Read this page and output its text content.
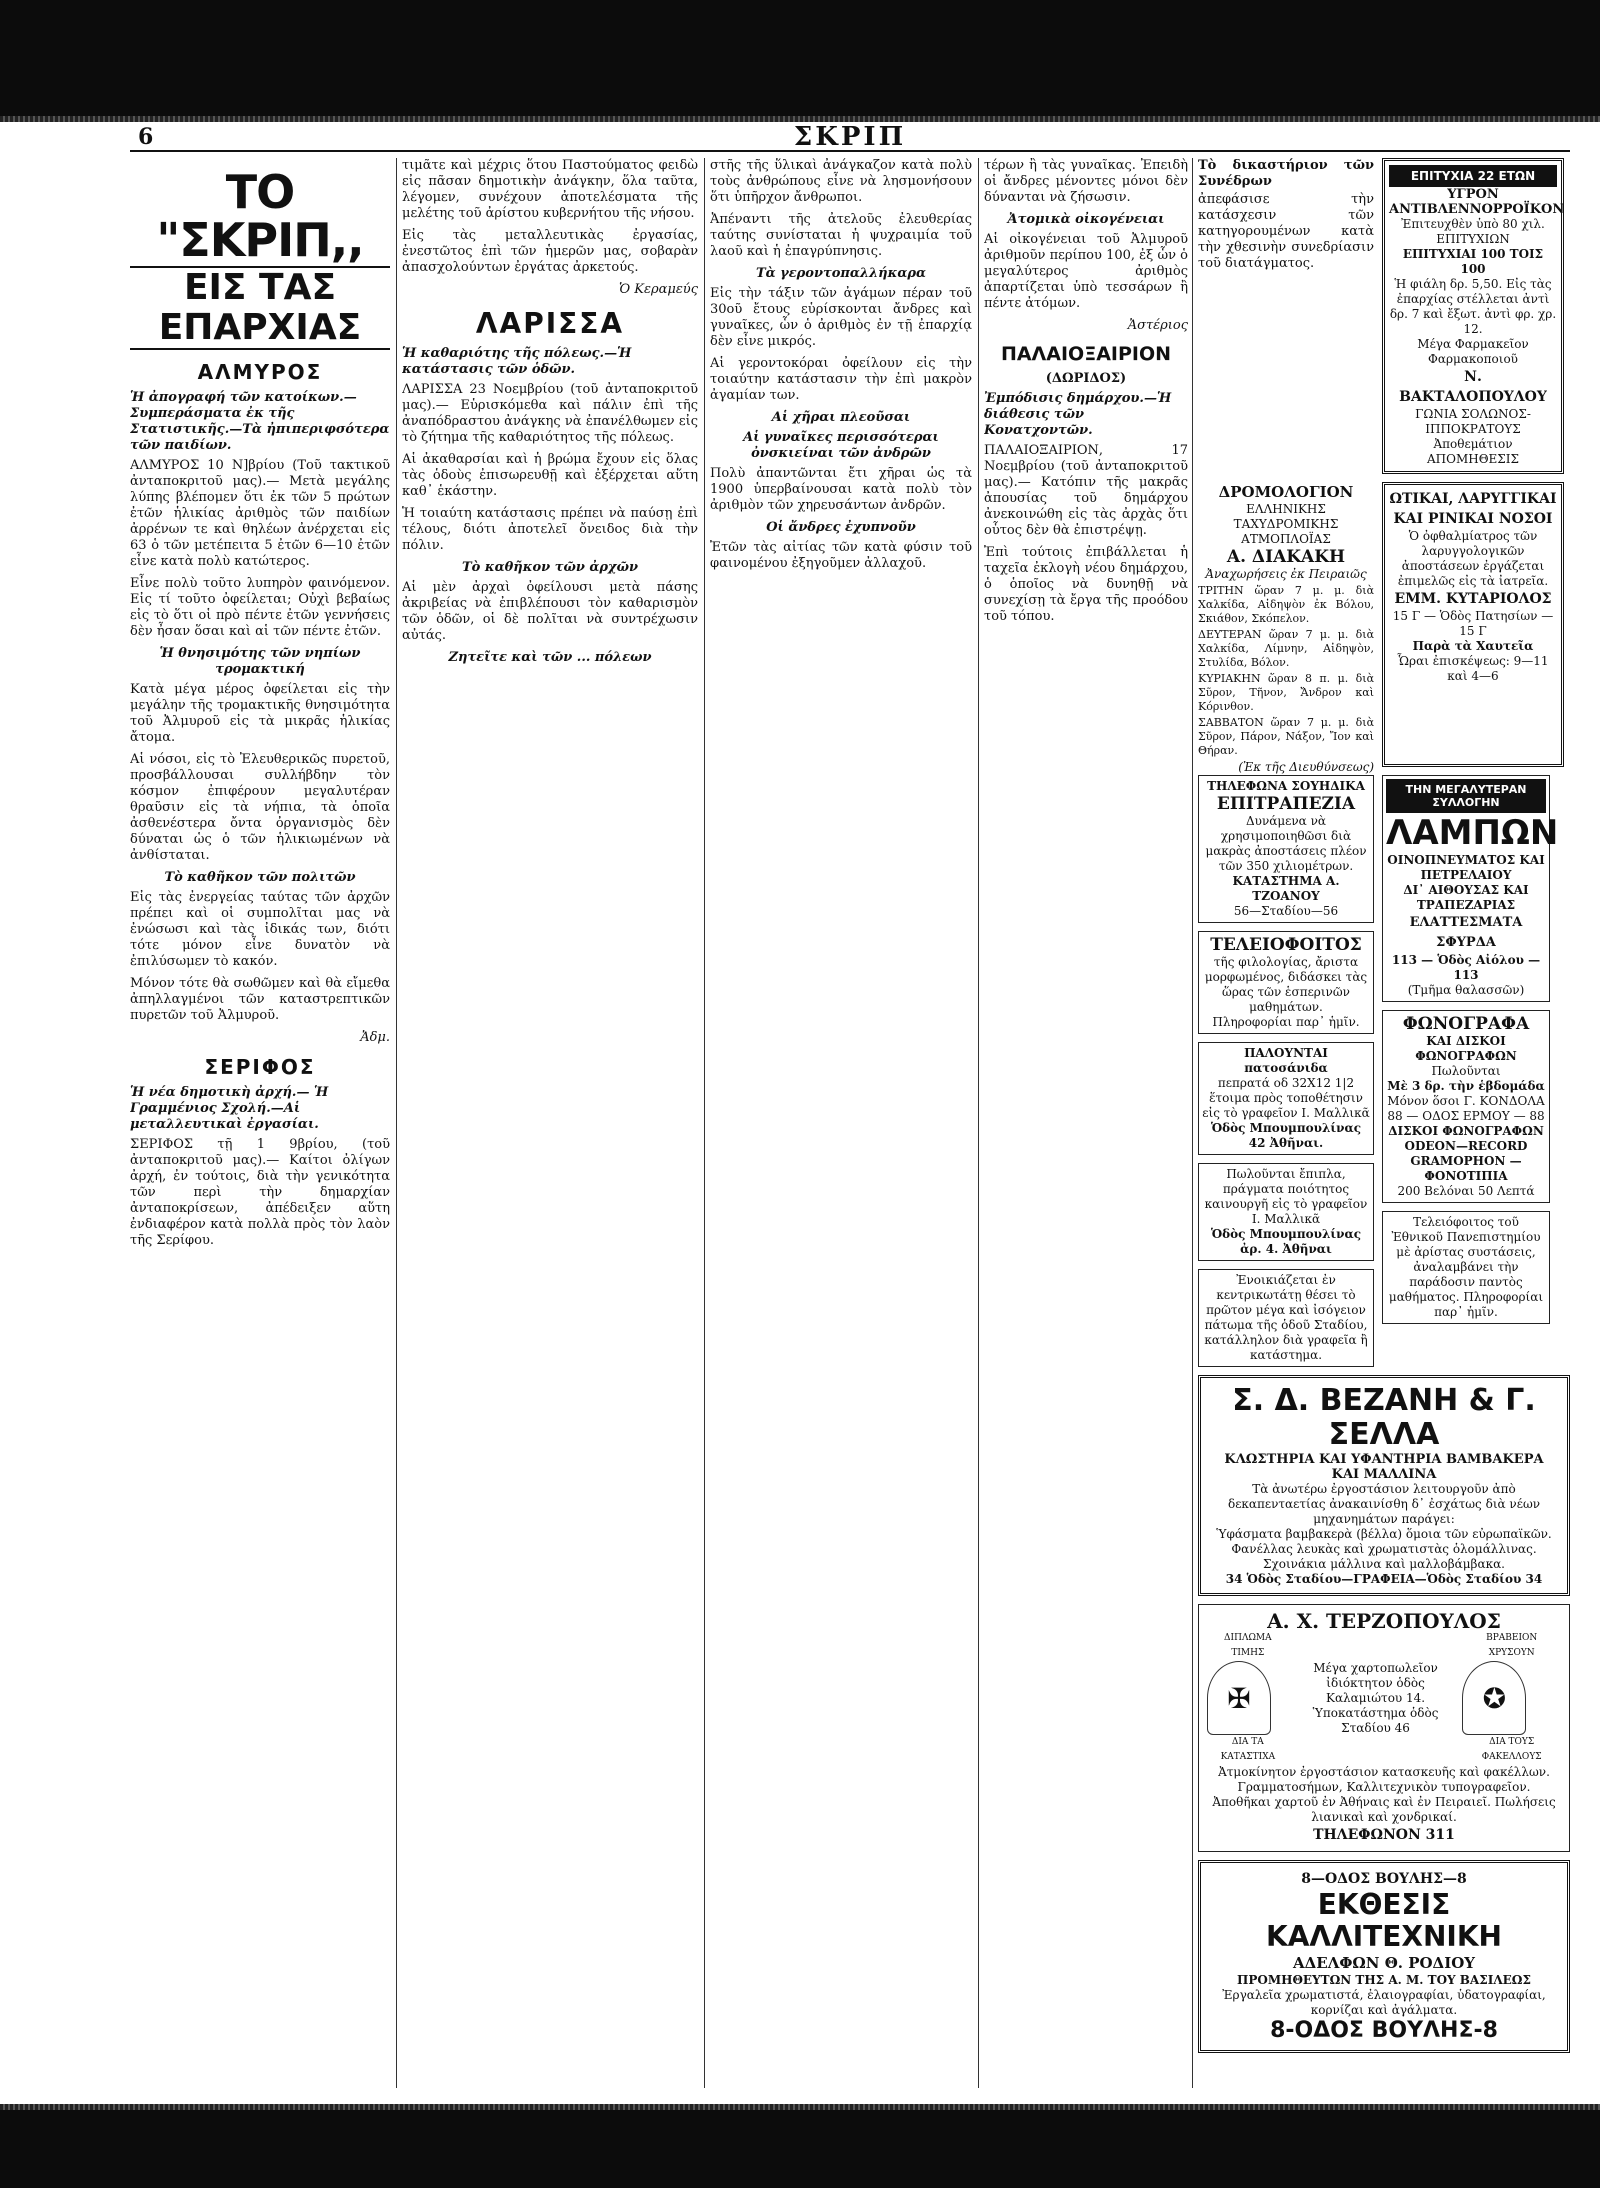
6	ΣΚΡΙΠ
ΤΟ "ΣΚΡΙΠ,,
ΕΙΣ ΤΑΣ ΕΠΑΡΧΙΑΣ
ΑΛΜΥΡΟΣ

Ἡ ἀπογραφή τῶν κατοίκων.— Συμπεράσματα ἐκ τῆς Στατιστικῆς.—Τὰ ἠπιπεριφσότερα τῶν παιδίων.

ΑΛΜΥΡΟΣ 10 Ν]βρίου (Τοῦ τακτικοῦ ἀνταποκριτοῦ μας).— Μετὰ μεγάλης λύπης βλέπομεν ὅτι ἐκ τῶν 5 πρώτων ἐτῶν ἡλικίας ἀριθμὸς τῶν παιδίων ἀρρένων τε καὶ θηλέων ἀνέρχεται εἰς 63 ὁ τῶν μετέπειτα 5 ἐτῶν 6—10 ἐτῶν εἶνε κατὰ πολὺ κατώτερος.

Εἶνε πολὺ τοῦτο λυπηρὸν φαινόμενον. Εἰς τί τοῦτο ὀφείλεται; Οὐχὶ βεβαίως εἰς τὸ ὅτι οἱ πρὸ πέντε ἐτῶν γεννήσεις δὲν ἦσαν ὅσαι καὶ αἱ τῶν πέντε ἐτῶν.

Ἡ θνησιμότης τῶν νηπίων τρομακτική

Κατὰ μέγα μέρος ὀφείλεται εἰς τὴν μεγάλην τῆς τρομακτικῆς θνησιμότητα τοῦ Ἀλμυροῦ εἰς τὰ μικρᾶς ἡλικίας ἄτομα.

Αἱ νόσοι, εἰς τὸ Ἐλευθερικῶς πυρετοῦ, προσβάλλουσαι συλλήβδην τὸν κόσμον ἐπιφέρουν μεγαλυτέραν θραῦσιν εἰς τὰ νήπια, τὰ ὁποῖα ἀσθενέστερα ὄντα ὀργανισμὸς δὲν δύναται ὡς ὁ τῶν ἡλικιωμένων νὰ ἀνθίσταται.

Τὸ καθῆκον τῶν πολιτῶν

Εἰς τὰς ἐνεργείας ταύτας τῶν ἀρχῶν πρέπει καὶ οἱ συμπολῖται μας νὰ ἐνώσωσι καὶ τὰς ἰδικάς των, διότι τότε μόνον εἶνε δυνατὸν νὰ ἐπιλύσωμεν τὸ κακόν.

Μόνον τότε θὰ σωθῶμεν καὶ θὰ εἴμεθα ἀπηλλαγμένοι τῶν καταστρεπτικῶν πυρετῶν τοῦ Ἀλμυροῦ.

Ἀδμ.
ΣΕΡΙΦΟΣ

Ἡ νέα δημοτικὴ ἀρχή.— Ἡ Γραμμένιος Σχολή.—Αἱ μεταλλευτικαὶ ἐργασίαι.

ΣΕΡΙΦΟΣ τῇ 1 9βρίου, (τοῦ ἀνταποκριτοῦ μας).— Καίτοι ὀλίγων ἀρχή, ἐν τούτοις, διὰ τὴν γενικότητα τῶν περὶ τὴν δημαρχίαν ἀνταποκρίσεων, ἀπέδειξεν αὕτη ἐνδιαφέρον κατὰ πολλὰ πρὸς τὸν λαὸν τῆς Σερίφου.

τιμᾶτε καὶ μέχρις ὅτου Παστούματος φειδὼ εἰς πᾶσαν δημοτικὴν ἀνάγκην, ὅλα ταῦτα, λέγομεν, συνέχουν ἀποτελέσματα τῆς μελέτης τοῦ ἀρίστου κυβερνήτου τῆς νήσου.

Εἰς τὰς μεταλλευτικὰς ἐργασίας, ἐνεστῶτος ἐπὶ τῶν ἡμερῶν μας, σοβαρὰν ἀπασχολούντων ἐργάτας ἀρκετούς.

Ὁ Κεραμεύς
ΛΑΡΙΣΣΑ

Ἡ καθαριότης τῆς πόλεως.—Ἡ κατάστασις τῶν ὁδῶν.

ΛΑΡΙΣΣΑ 23 Νοεμβρίου (τοῦ ἀνταποκριτοῦ μας).— Εὑρισκόμεθα καὶ πάλιν ἐπὶ τῆς ἀναπόδραστου ἀνάγκης νὰ ἐπανέλθωμεν εἰς τὸ ζήτημα τῆς καθαριότητος τῆς πόλεως.

Αἱ ἀκαθαρσίαι καὶ ἡ βρώμα ἔχουν εἰς ὅλας τὰς ὁδοὺς ἐπισωρευθῇ καὶ ἐξέρχεται αὕτη καθ᾽ ἑκάστην.

Ἡ τοιαύτη κατάστασις πρέπει νὰ παύσῃ ἐπὶ τέλους, διότι ἀποτελεῖ ὄνειδος διὰ τὴν πόλιν.

Τὸ καθῆκον τῶν ἀρχῶν

Αἱ μὲν ἀρχαὶ ὀφείλουσι μετὰ πάσης ἀκριβείας νὰ ἐπιβλέπουσι τὸν καθαρισμὸν τῶν ὁδῶν, οἱ δὲ πολῖται νὰ συντρέχωσιν αὐτάς.

Ζητεῖτε καὶ τῶν ... πόλεων

στῆς τῆς ὕλικαὶ ἀνάγκαζον κατὰ πολὺ τοὺς ἀνθρώπους εἶνε νὰ λησμονήσουν ὅτι ὑπῆρχον ἄνθρωποι.

Ἀπέναντι τῆς ἀτελοῦς ἐλευθερίας ταύτης συνίσταται ἡ ψυχραιμία τοῦ λαοῦ καὶ ἡ ἐπαγρύπνησις.

Τὰ γεροντοπαλλήκαρα

Εἰς τὴν τάξιν τῶν ἀγάμων πέραν τοῦ 30οῦ ἔτους εὑρίσκονται ἄνδρες καὶ γυναῖκες, ὧν ὁ ἀριθμὸς ἐν τῇ ἐπαρχίᾳ δὲν εἶνε μικρός.

Αἱ γεροντοκόραι ὀφείλουν εἰς τὴν τοιαύτην κατάστασιν τὴν ἐπὶ μακρὸν ἀγαμίαν των.

Αἱ χῆραι πλεοῦσαι

Αἱ γυναῖκες περισσότεραι ὀνσκιείναι τῶν ἀνδρῶν

Πολὺ ἀπαντῶνται ἔτι χῆραι ὡς τὰ 1900 ὑπερβαίνουσαι κατὰ πολὺ τὸν ἀριθμὸν τῶν χηρευσάντων ἀνδρῶν.

Οἱ ἄνδρες ἐχυπνοῦν

Ἐτῶν τὰς αἰτίας τῶν κατὰ φύσιν τοῦ φαινομένου ἐξηγοῦμεν ἀλλαχοῦ.

τέρων ἢ τὰς γυναῖκας. Ἐπειδὴ οἱ ἄνδρες μένοντες μόνοι δὲν δύνανται νὰ ζήσωσιν.

Ἀτομικὰ οἰκογένειαι

Αἱ οἰκογένειαι τοῦ Ἀλμυροῦ ἀριθμοῦν περίπου 100, ἐξ ὧν ὁ μεγαλύτερος ἀριθμὸς ἀπαρτίζεται ὑπὸ τεσσάρων ἢ πέντε ἀτόμων.

Ἀστέριος
ΠΑΛΑΙΟΞΑΙΡΙΟΝ
(ΔΩΡΙΔΟΣ)

Ἐμπόδισις δημάρχου.—Ἡ διάθεσις τῶν Κονατχοντῶν.

ΠΑΛΑΙΟΞΑΙΡΙΟΝ, 17 Νοεμβρίου (τοῦ ἀνταποκριτοῦ μας).— Κατόπιν τῆς μακρᾶς ἀπουσίας τοῦ δημάρχου ἀνεκοινώθη εἰς τὰς ἀρχὰς ὅτι οὗτος δὲν θὰ ἐπιστρέψῃ.

Ἐπὶ τούτοις ἐπιβάλλεται ἡ ταχεῖα ἐκλογὴ νέου δημάρχου, ὁ ὁποῖος νὰ δυνηθῇ νὰ συνεχίσῃ τὰ ἔργα τῆς προόδου τοῦ τόπου.

Τὸ δικαστήριον τῶν Συνέδρων

ἀπεφάσισε τὴν κατάσχεσιν τῶν κατηγορουμένων κατὰ τὴν χθεσινὴν συνεδρίασιν τοῦ διατάγματος.

ΕΠΙΤΥΧΙΑ 22 ΕΤΩΝ
ΥΓΡΟΝ ΑΝΤΙΒΛΕΝΝΟΡΡΟΪΚΟΝ
Ἐπιτευχθὲν ὑπὸ 80 χιλ. ΕΠΙΤΥΧΙΩΝ
ΕΠΙΤΥΧΙΑΙ 100 ΤΟΙΣ 100
Ἡ φιάλη δρ. 5,50. Εἰς τὰς ἐπαρχίας στέλλεται ἀντὶ δρ. 7 καὶ ἔξωτ. ἀντὶ φρ. χρ. 12.
Μέγα Φαρμακεῖον Φαρμακοποιοῦ
Ν. ΒΑΚΤΑΛΟΠΟΥΛΟΥ
ΓΩΝΙΑ ΣΟΛΩΝΟΣ-ΙΠΠΟΚΡΑΤΟΥΣ
Ἀποθεμάτιον ΑΠΟΜΗΘΕΣΙΣ
ΔΡΟΜΟΛΟΓΙΟΝ
ΕΛΛΗΝΙΚΗΣ ΤΑΧΥΔΡΟΜΙΚΗΣ ΑΤΜΟΠΛΟΪΑΣ
Α. ΔΙΑΚΑΚΗ
Ἀναχωρήσεις ἐκ Πειραιῶς

ΤΡΙΤΗΝ ὥραν 7 μ. μ. διὰ Χαλκίδα, Αἰδηψὸν ἐκ Βόλου, Σκιάθον, Σκόπελον.

ΔΕΥΤΕΡΑΝ ὥραν 7 μ. μ. διὰ Χαλκίδα, Λίμνην, Αἰδηψὸν, Στυλίδα, Βόλον.

ΚΥΡΙΑΚΗΝ ὥραν 8 π. μ. διὰ Σῦρον, Τῆνον, Ἄνδρον καὶ Κόρινθον.

ΣΑΒΒΑΤΟΝ ὥραν 7 μ. μ. διὰ Σῦρον, Πάρον, Νάξον, Ἴον καὶ Θήραν.

(Ἐκ τῆς Διευθύνσεως)
ΩΤΙΚΑΙ, ΛΑΡΥΓΓΙΚΑΙ ΚΑΙ ΡΙΝΙΚΑΙ ΝΟΣΟΙ
Ὁ ὀφθαλμίατρος τῶν λαρυγγολογικῶν ἀποστάσεων ἐργάζεται ἐπιμελῶς εἰς τὰ ἰατρεῖα.
ΕΜΜ. ΚΥΤΑΡΙΟΛΟΣ
15 Γ — Ὁδὸς Πατησίων — 15 Γ
Παρὰ τὰ Χαυτεῖα
Ὧραι ἐπισκέψεως: 9—11 καὶ 4—6
ΤΗΛΕΦΩΝΑ ΣΟΥΗΔΙΚΑ
ΕΠΙΤΡΑΠΕΖΙΑ
Δυνάμενα νὰ χρησιμοποιηθῶσι διὰ μακρὰς ἀποστάσεις πλέον τῶν 350 χιλιομέτρων.
ΚΑΤΑΣΤΗΜΑ Α. ΤΖΟΑΝΟΥ
56—Σταδίου—56
ΤΕΛΕΙΟΦΟΙΤΟΣ
τῆς φιλολογίας, ἄριστα μορφωμένος, διδάσκει τὰς ὥρας τῶν ἑσπερινῶν μαθημάτων.
Πληροφορίαι παρ᾽ ἡμῖν.
ΠΑΛΟΥΝΤΑΙ πατοσάνιδα
πεπρατά οδ 32Χ12 1|2 ἕτοιμα πρὸς τοποθέτησιν εἰς τὸ γραφεῖον Ι. Μαλλικᾶ
Ὁδὸς Μπουμπουλίνας 42 Ἀθῆναι.
Πωλοῦνται ἔπιπλα, πράγματα ποιότητος καινουργῆ εἰς τὸ γραφεῖον Ι. Μαλλικᾶ
Ὁδὸς Μπουμπουλίνας ἀρ. 4. Ἀθῆναι
Ἐνοικιάζεται ἐν κεντρικωτάτῃ θέσει τὸ πρῶτον μέγα καὶ ἰσόγειον πάτωμα τῆς ὁδοῦ Σταδίου, κατάλληλον διὰ γραφεῖα ἢ κατάστημα.
ΤΗΝ ΜΕΓΑΛΥΤΕΡΑΝ ΣΥΛΛΟΓΗΝ
ΛΑΜΠΩΝ
ΟΙΝΟΠΝΕΥΜΑΤΟΣ ΚΑΙ ΠΕΤΡΕΛΑΙΟΥ
ΔΙ᾽ ΑΙΘΟΥΣΑΣ ΚΑΙ ΤΡΑΠΕΖΑΡΙΑΣ
ΕΛΑΤΤΕΣΜΑΤΑ ΣΦΥΡΔΑ
113 — Ὁδὸς Αἰόλου — 113
(Τμῆμα θαλασσῶν)
ΦΩΝΟΓΡΑΦΑ
ΚΑΙ ΔΙΣΚΟΙ ΦΩΝΟΓΡΑΦΩΝ
Πωλοῦνται
Μὲ 3 δρ. τὴν ἑβδομάδα
Μόνον ὅσοι Γ. ΚΟΝΔΟΛΑ
88 — ΟΔΟΣ ΕΡΜΟΥ — 88
ΔΙΣΚΟΙ ΦΩΝΟΓΡΑΦΩΝ
ODEON—RECORD
GRAMOPHON — ΦΟΝΟΤΙΠΙΑ
200 Βελόναι 50 Λεπτά
Τελειόφοιτος τοῦ Ἐθνικοῦ Πανεπιστημίου μὲ ἀρίστας συστάσεις, ἀναλαμβάνει τὴν παράδοσιν παντὸς μαθήματος. Πληροφορίαι παρ᾽ ἡμῖν.
Σ. Δ. ΒΕΖΑΝΗ & Γ. ΣΕΛΛΑ
ΚΛΩΣΤΗΡΙΑ ΚΑΙ ΥΦΑΝΤΗΡΙΑ ΒΑΜΒΑΚΕΡΑ ΚΑΙ ΜΑΛΛΙΝΑ
Τὰ ἀνωτέρω ἐργοστάσιον λειτουργοῦν ἀπὸ δεκαπενταετίας ἀνακαινίσθη δ᾽ ἐσχάτως διὰ νέων μηχανημάτων παράγει:
Ὑφάσματα βαμβακερὰ (βέλλα) ὅμοια τῶν εὐρωπαϊκῶν.
Φανέλλας λευκὰς καὶ χρωματιστὰς ὁλομάλλινας.
Σχοινάκια μάλλινα καὶ μαλλοβάμβακα.
34 Ὁδὸς Σταδίου—ΓΡΑΦΕΙΑ—Ὁδὸς Σταδίου 34
Α. Χ. ΤΕΡΖΟΠΟΥΛΟΣ
ΔΙΠΛΩΜΑ ΤΙΜΗΣ
✠
ΔΙΑ ΤΑ ΚΑΤΑΣΤΙΧΑ
Μέγα χαρτοπωλεῖον ἰδιόκτητον ὁδὸς Καλαμιώτου 14. Ὑποκατάστημα ὁδὸς Σταδίου 46
ΒΡΑΒΕΙΟΝ ΧΡΥΣΟΥΝ
✪
ΔΙΑ ΤΟΥΣ ΦΑΚΕΛΛΟΥΣ
Ἀτμοκίνητον ἐργοστάσιον κατασκευῆς καὶ φακέλλων. Γραμματοσήμων, Καλλιτεχνικὸν τυπογραφεῖον.
Ἀποθῆκαι χαρτοῦ ἐν Ἀθήναις καὶ ἐν Πειραιεῖ. Πωλήσεις λιανικαὶ καὶ χονδρικαί.
ΤΗΛΕΦΩΝΟΝ 311
8—ΟΔΟΣ ΒΟΥΛΗΣ—8
ΕΚΘΕΣΙΣ ΚΑΛΛΙΤΕΧΝΙΚΗ
ΑΔΕΛΦΩΝ Θ. ΡΟΔΙΟΥ
ΠΡΟΜΗΘΕΥΤΩΝ ΤΗΣ Α. Μ. ΤΟΥ ΒΑΣΙΛΕΩΣ
Ἐργαλεῖα χρωματιστά, ἐλαιογραφίαι, ὑδατογραφίαι, κορνίζαι καὶ ἀγάλματα.
8-ΟΔΟΣ ΒΟΥΛΗΣ-8
